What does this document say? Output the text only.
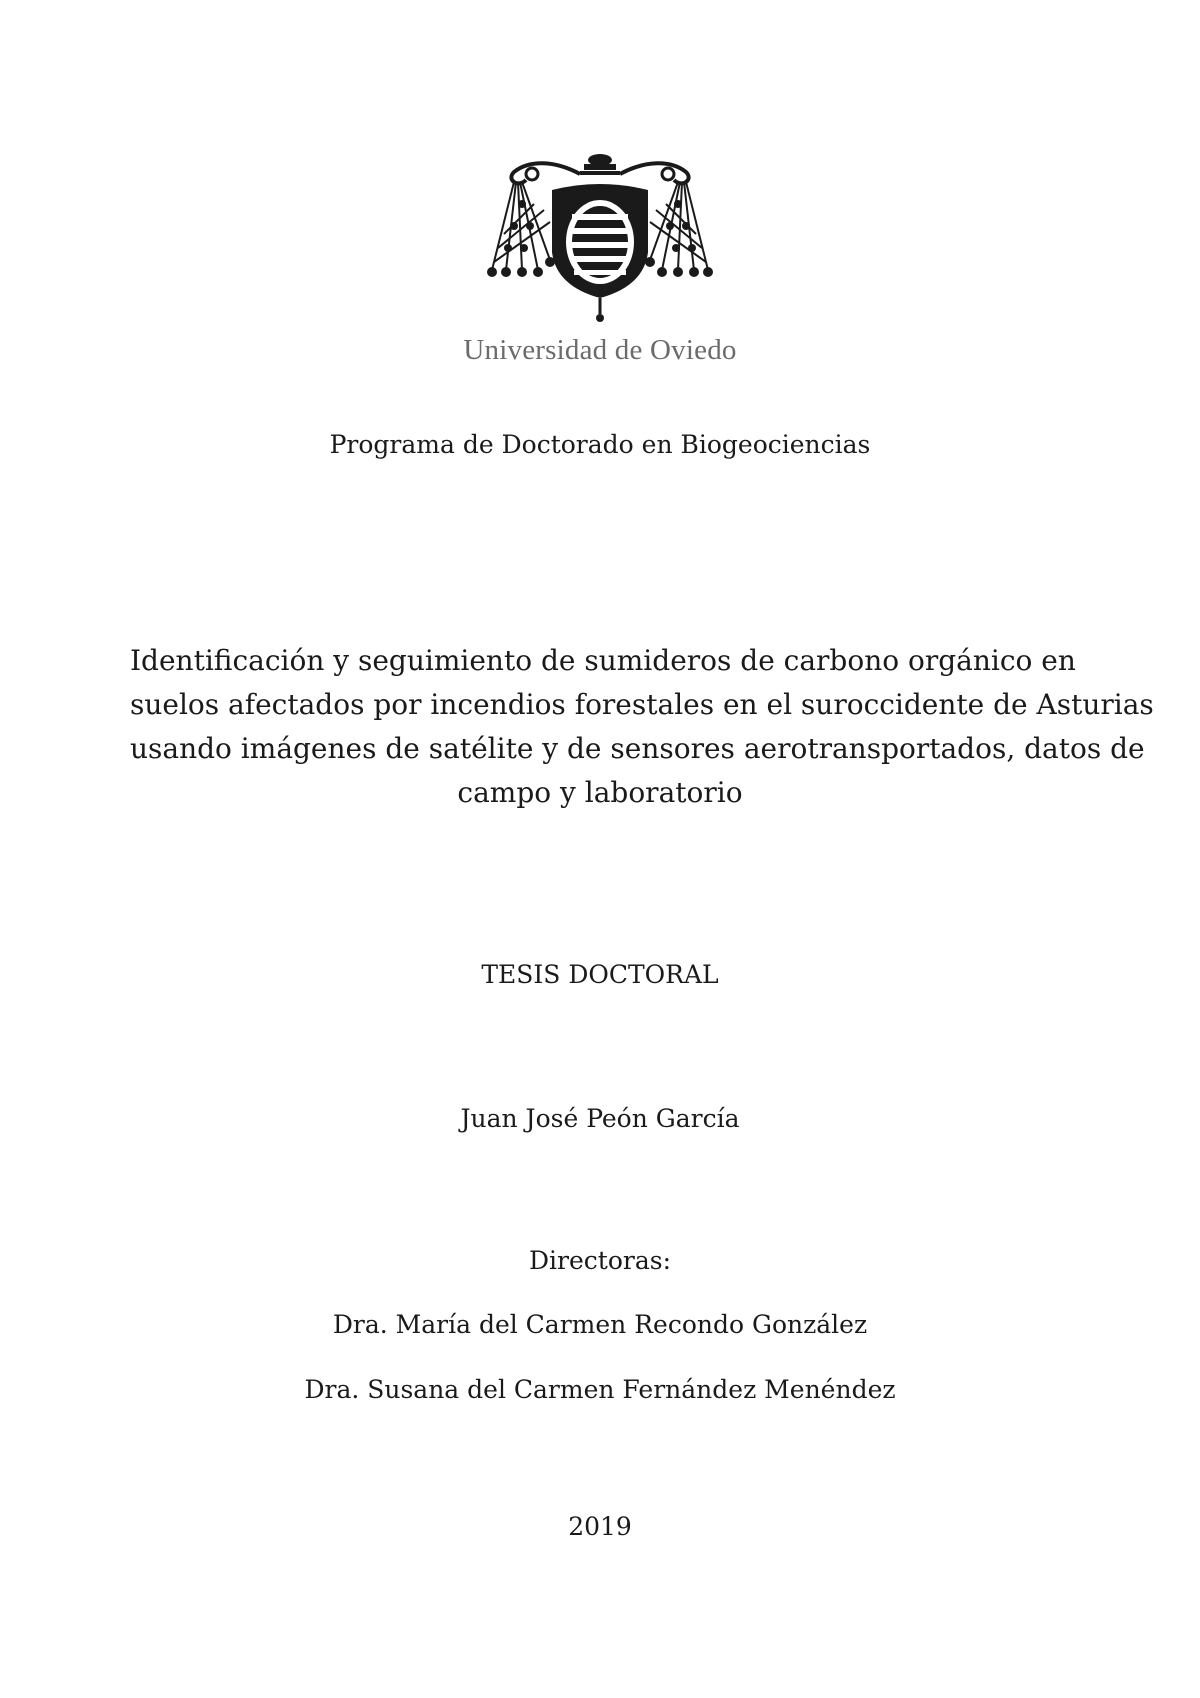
Universidad de Oviedo
Programa de Doctorado en Biogeociencias
Identificación y seguimiento de sumideros de carbono orgánico en
suelos afectados por incendios forestales en el suroccidente de Asturias
usando imágenes de satélite y de sensores aerotransportados, datos de
campo y laboratorio
TESIS DOCTORAL
Juan José Peón García
Directoras:
Dra. María del Carmen Recondo González
Dra. Susana del Carmen Fernández Menéndez
2019
